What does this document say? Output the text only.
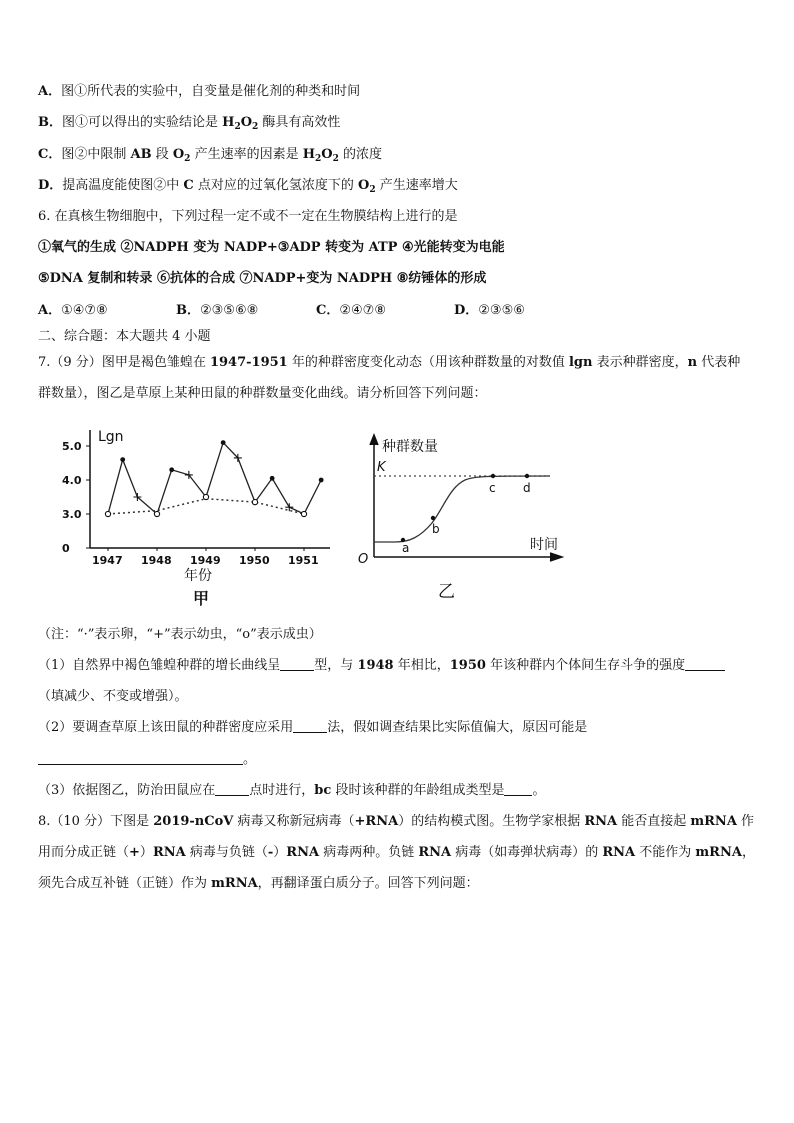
A．图①所代表的实验中，自变量是催化剂的种类和时间
B．图①可以得出的实验结论是 $H_2O_2$ 酶具有高效性
C．图②中限制 AB 段 $O_2$ 产生速率的因素是 $H_2O_2$ 的浓度
D．提高温度能使图②中 C 点对应的过氧化氢浓度下的 $O_2$ 产生速率增大
6. 在真核生物细胞中，下列过程一定不或不一定在生物膜结构上进行的是
①氧气的生成 ②NADPH 变为 NADP+③ADP 转变为 ATP ④光能转变为电能
⑤DNA 复制和转录 ⑥抗体的合成 ⑦NADP+变为 NADPH ⑧纺锤体的形成
A．①④⑦⑧	B．②③⑤⑥⑧	C．②④⑦⑧	D．②③⑤⑥
二、综合题：本大题共 4 小题
7.（9 分）图甲是褐色雏蝗在 1947-1951 年的种群密度变化动态（用该种群数量的对数值 lgn 表示种群密度，n 代表种
群数量），图乙是草原上某种田鼠的种群数量变化曲线。请分析回答下列问题：
0
3.0
4.0
5.0
1947 1948 1949 1950 1951
Lgn
年份
甲
a
b
c d
K
O
种群数量
时间
乙
（注：“·”表示卵，“+”表示幼虫，“o”表示成虫）
（1）自然界中褐色雏蝗种群的增长曲线呈	型，与 1948 年相比，1950 年该种群内个体间生存斗争的强度
（填减少、不变或增强）。
（2）要调查草原上该田鼠的种群密度应采用	法，假如调查结果比实际值偏大，原因可能是
。
（3）依据图乙，防治田鼠应在	点时进行，bc 段时该种群的年龄组成类型是 。
8.（10 分）下图是 2019-nCoV 病毒又称新冠病毒（+RNA）的结构模式图。生物学家根据 RNA 能否直接起 mRNA 作
用而分成正链（+）RNA 病毒与负链（-）RNA 病毒两种。负链 RNA 病毒（如毒弹状病毒）的 RNA 不能作为 mRNA，
须先合成互补链（正链）作为 mRNA，再翻译蛋白质分子。回答下列问题：
